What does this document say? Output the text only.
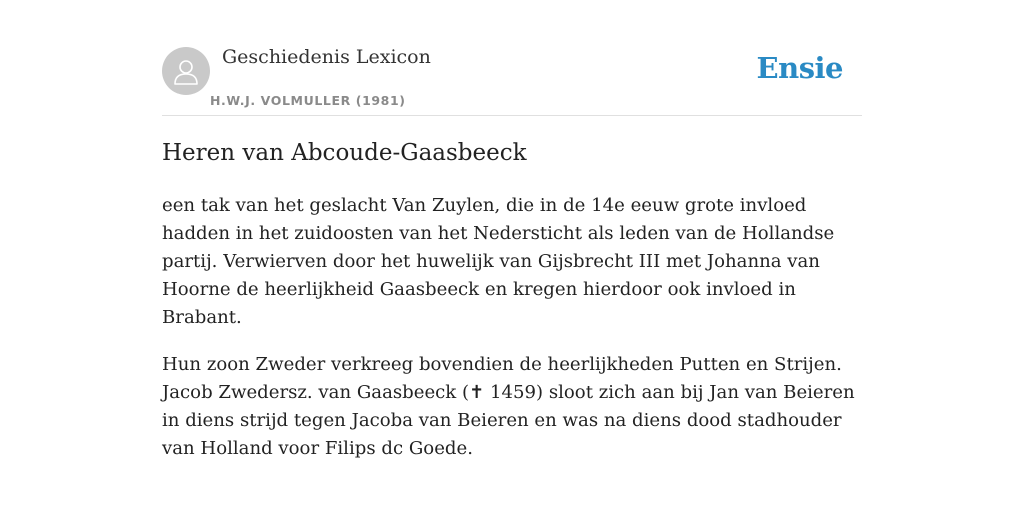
Geschiedenis Lexicon
H.W.J. VOLMULLER (1981)
Ensie
Heren van Abcoude-Gaasbeeck

een tak van het geslacht Van Zuylen, die in de 14e eeuw grote invloed hadden in het zuidoosten van het Nedersticht als leden van de Hollandse partij. Verwierven door het huwelijk van Gijsbrecht III met Johanna van Hoorne de heerlijkheid Gaasbeeck en kregen hierdoor ook invloed in Brabant.

Hun zoon Zweder verkreeg bovendien de heerlijkheden Putten en Strijen. Jacob Zwedersz. van Gaasbeeck (✝ 1459) sloot zich aan bij Jan van Beieren in diens strijd tegen Jacoba van Beieren en was na diens dood stadhouder van Holland voor Filips dc Goede.
